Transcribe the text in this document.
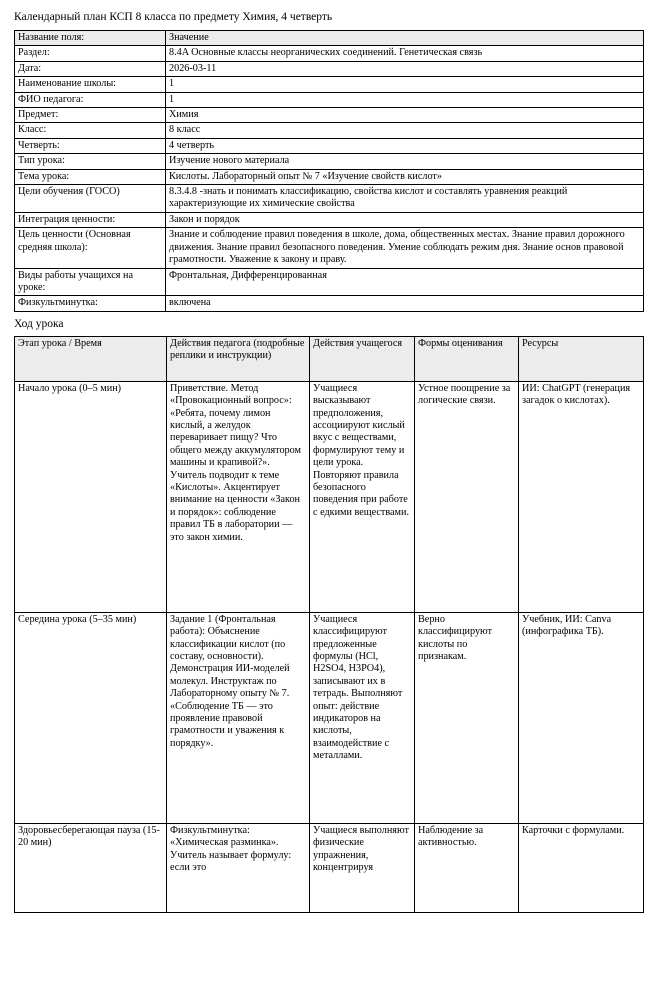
Календарный план КСП 8 класса по предмету Химия, 4 четверть
Название поля:	Значение
Раздел:	8.4A Основные классы неорганических соединений. Генетическая связь
Дата:	2026-03-11
Наименование школы:	1
ФИО педагога:	1
Предмет:	Химия
Класс:	8 класс
Четверть:	4 четверть
Тип урока:	Изучение нового материала
Тема урока:	Кислоты. Лабораторный опыт № 7 «Изучение свойств кислот»
Цели обучения (ГОСО)	8.3.4.8 -знать и понимать классификацию, свойства кислот и составлять уравнения реакций характеризующие их химические свойства
Интеграция ценности:	Закон и порядок
Цель ценности (Основная средняя школа):	Знание и соблюдение правил поведения в школе, дома, общественных местах. Знание правил дорожного движения. Знание правил безопасного поведения. Умение соблюдать режим дня. Знание основ правовой грамотности. Уважение к закону и праву.
Виды работы учащихся на уроке:	Фронтальная, Дифференцированная
Физкультминутка:	включена
Ход урока
Этап урока / Время	Действия педагога (подробные реплики и инструкции)	Действия учащегося	Формы оценивания	Ресурсы
Начало урока (0–5 мин)	Приветствие. Метод «Провокационный вопрос»: «Ребята, почему лимон кислый, а желудок переваривает пищу? Что общего между аккумулятором машины и крапивой?». Учитель подводит к теме «Кислоты». Акцентирует внимание на ценности «Закон и порядок»: соблюдение правил ТБ в лаборатории — это закон химии.	Учащиеся высказывают предположения, ассоциируют кислый вкус с веществами, формулируют тему и цели урока. Повторяют правила безопасного поведения при работе с едкими веществами.	Устное поощрение за логические связи.	ИИ: ChatGPT (генерация загадок о кислотах).
Середина урока (5–35 мин)	Задание 1 (Фронтальная работа): Объяснение классификации кислот (по составу, основности). Демонстрация ИИ-моделей молекул. Инструктаж по Лабораторному опыту № 7. «Соблюдение ТБ — это проявление правовой грамотности и уважения к порядку».	Учащиеся классифицируют предложенные формулы (HCl, H2SO4, H3PO4), записывают их в тетрадь. Выполняют опыт: действие индикаторов на кислоты, взаимодействие с металлами.	Верно классифицируют кислоты по признакам.	Учебник, ИИ: Canva (инфографика ТБ).
Здоровьесберегающая пауза (15-20 мин)	Физкультминутка: «Химическая разминка». Учитель называет формулу: если это	Учащиеся выполняют физические упражнения, концентрируя	Наблюдение за активностью.	Карточки с формулами.
